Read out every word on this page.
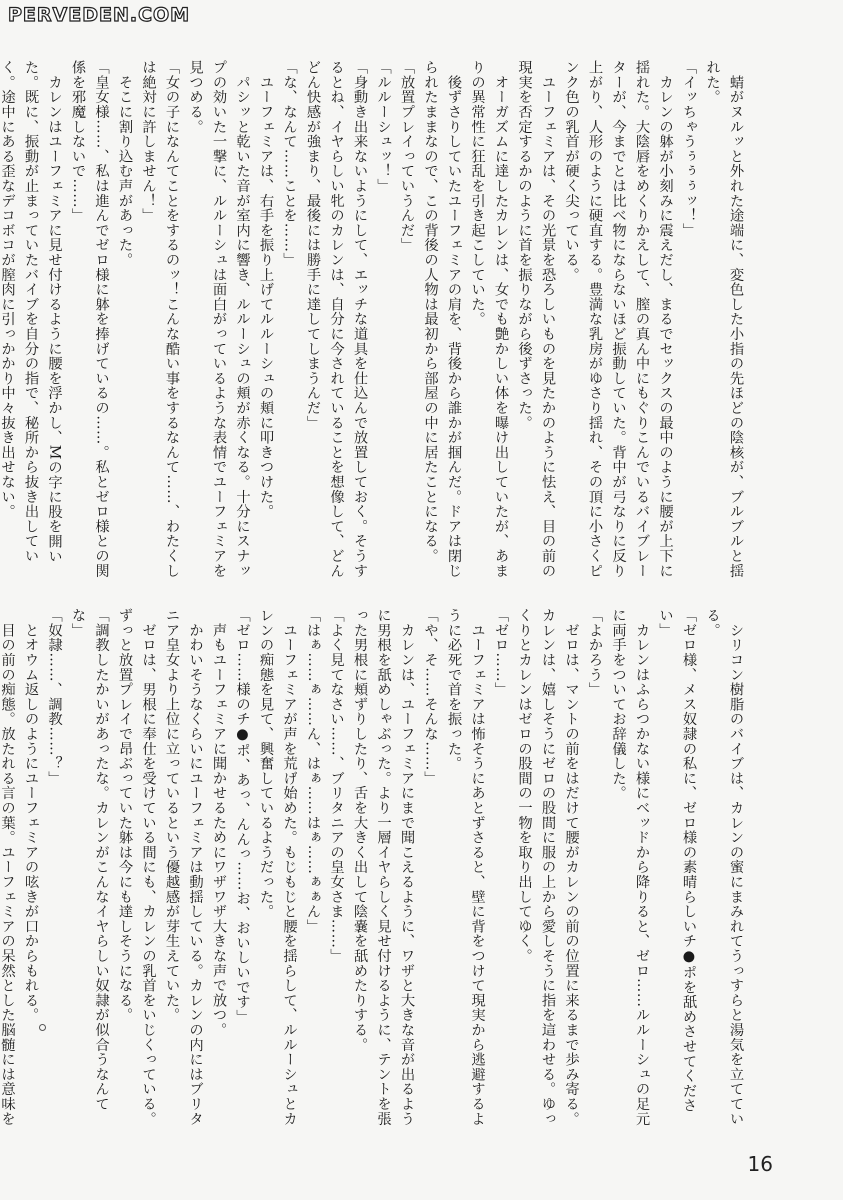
PERVEDEN.COM
　蜻がヌルッと外れた途端に、変色した小指の先ほどの陰核が、ブルブルと揺れた。
「イッちゃうぅぅぅッ！」
　カレンの躰が小刻みに震えだし、まるでセックスの最中のように腰が上下に揺れた。大陰唇をめくりかえして、膣の真ん中にもぐりこんでいるバイブレーターが、今までとは比べ物にならないほど振動していた。背中が弓なりに反り上がり、人形のように硬直する。豊満な乳房がゆさり揺れ、その頂に小さくピンク色の乳首が硬く尖っている。
　ユーフェミアは、その光景を恐ろしいものを見たかのように怯え、目の前の現実を否定するかのように首を振りながら後ずさった。
　オーガズムに達したカレンは、女でも艶かしい体を曝け出していたが、あまりの異常性に狂乱を引き起こしていた。
　後ずさりしていたユーフェミアの肩を、背後から誰かが掴んだ。ドアは閉じられたままなので、この背後の人物は最初から部屋の中に居たことになる。
「放置プレイっていうんだ」
「ルルーシュッ！」
「身動き出来ないようにして、エッチな道具を仕込んで放置しておく。そうするとね、イヤらしい牝のカレンは、自分に今されていることを想像して、どんどん快感が強まり、最後には勝手に達してしまうんだ」
「な、なんて……ことを……」
　ユーフェミアは、右手を振り上げてルルーシュの頬に叩きつけた。
　パシッと乾いた音が室内に響き、ルルーシュの頬が赤くなる。十分にスナップの効いた一撃に、ルルーシュは面白がっているような表情でユーフェミアを見つめる。
「女の子になんてことをするのッ！こんな酷い事をするなんて……、わたくしは絶対に許しません！」
　そこに割り込む声があった。
「皇女様……、私は進んでゼロ様に躰を捧げているの……。私とゼロ様との関係を邪魔しないで……」
　カレンはユーフェミアに見せ付けるように腰を浮かし、Mの字に股を開いた。既に、振動が止まっていたバイブを自分の指で、秘所から抜き出していく。途中にある歪なデコボコが膣肉に引っかかり中々抜き出せない。
　シリコン樹脂のバイブは、カレンの蜜にまみれてうっすらと湯気を立てている。
「ゼロ様、メス奴隷の私に、ゼロ様の素晴らしいチ●ポを舐めさせてください」
　カレンはふらつかない様にベッドから降りると、ゼロ……ルルーシュの足元に両手をついてお辞儀した。
「よかろう」
　ゼロは、マントの前をはだけて腰がカレンの前の位置に来るまで歩み寄る。カレンは、嬉しそうにゼロの股間に服の上から愛しそうに指を這わせる。ゆっくりとカレンはゼロの股間の一物を取り出してゆく。
「ゼロ……」
　ユーフェミアは怖そうにあとずさると、壁に背をつけて現実から逃避するように必死で首を振った。
「や、そ……そんな……」
　カレンは、ユーフェミアにまで聞こえるように、ワザと大きな音が出るように男根を舐めしゃぶった。より一層イヤらしく見せ付けるように、テントを張った男根に頬ずりしたり、舌を大きく出して陰嚢を舐めたりする。
「よく見てなさい……、ブリタニアの皇女さま……」
「はぁ……ぁ……ん、はぁ……はぁ……ぁぁん」
　ユーフェミアが声を荒げ始めた。もじもじと腰を揺らして、ルルーシュとカレンの痴態を見て、興奮しているようだった。
「ゼロ……様のチ●ポ、あっ、んんっ……お、おいしいです」
　声もユーフェミアに聞かせるためにワザワザ大きな声で放つ。
　かわいそうなくらいにユーフェミアは動揺している。カレンの内にはブリタニア皇女より上位に立っているという優越感が芽生えていた。
　ゼロは、男根に奉仕を受けている間にも、カレンの乳首をいじくっている。ずっと放置プレイで昂ぶっていた躰は今にも達しそうになる。
「調教したかいがあったな。カレンがこんなイヤらしい奴隷が似合うなんてな」
「奴隷……、調教……？」
　とオウム返しのようにユーフェミアの呟きが口からもれる。
　目の前の痴態。放たれる言の葉。ユーフェミアの呆然とした脳髄には意味を
16
